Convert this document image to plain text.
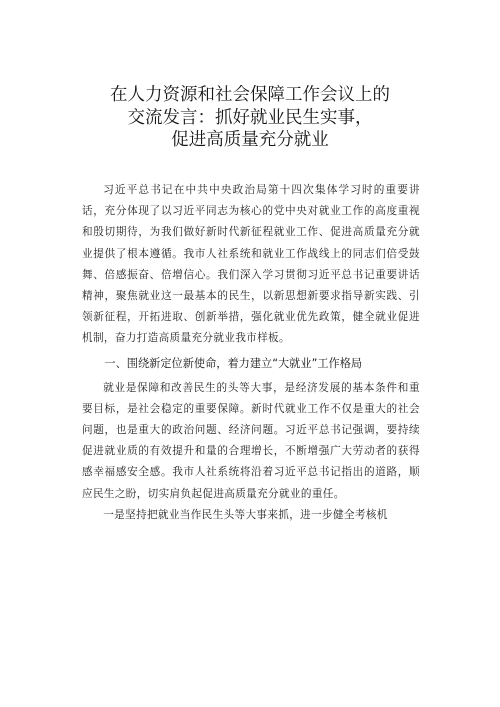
在人力资源和社会保障工作会议上的
交流发言：抓好就业民生实事，
促进高质量充分就业

习近平总书记在中共中央政治局第十四次集体学习时的重要讲话，充分体现了以习近平同志为核心的党中央对就业工作的高度重视和殷切期待，为我们做好新时代新征程就业工作、促进高质量充分就业提供了根本遵循。我市人社系统和就业工作战线上的同志们倍受鼓舞、倍感振奋、倍增信心。我们深入学习贯彻习近平总书记重要讲话精神，聚焦就业这一最基本的民生，以新思想新要求指导新实践、引领新征程，开拓进取、创新举措，强化就业优先政策，健全就业促进机制，奋力打造高质量充分就业我市样板。

一、围绕新定位新使命，着力建立“大就业”工作格局

就业是保障和改善民生的头等大事，是经济发展的基本条件和重要目标，是社会稳定的重要保障。新时代就业工作不仅是重大的社会问题，也是重大的政治问题、经济问题。习近平总书记强调，要持续促进就业质的有效提升和量的合理增长，不断增强广大劳动者的获得感幸福感安全感。我市人社系统将沿着习近平总书记指出的道路，顺应民生之盼，切实肩负起促进高质量充分就业的重任。

一是坚持把就业当作民生头等大事来抓，进一步健全考核机
